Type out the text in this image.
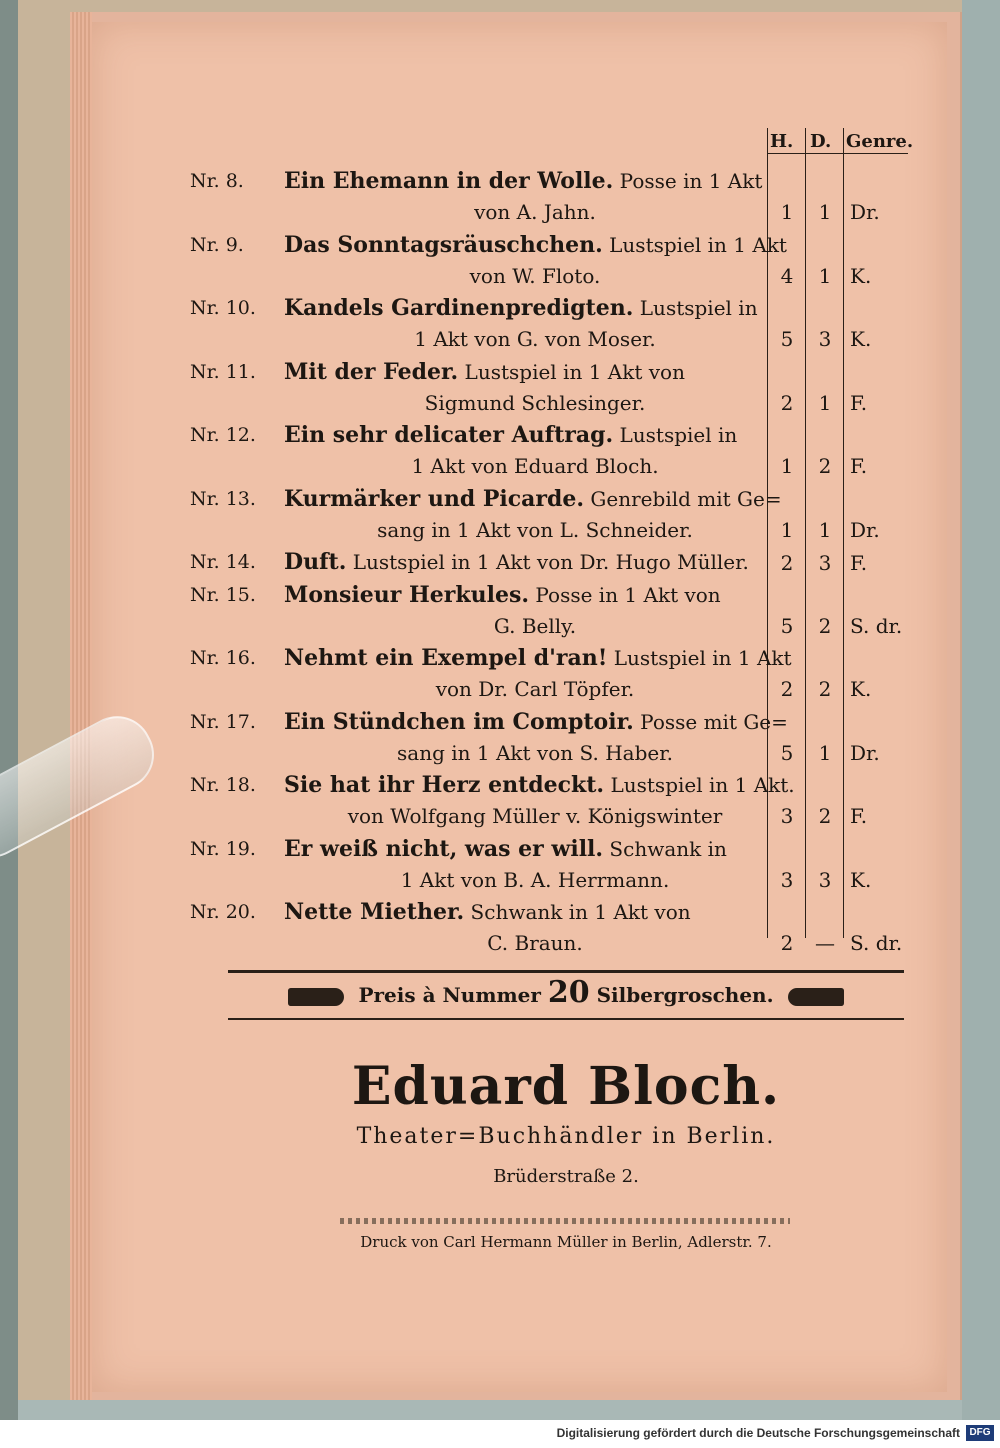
H. D. Genre.
Nr. 8.	Ein Ehemann in der Wolle. Posse in 1 Akt
von A. Jahn.	1	1 Dr.
Nr. 9.	Das Sonntagsräuschchen. Lustspiel in 1 Akt
von W. Floto.	4	1 K.
Nr. 10.	Kandels Gardinenpredigten. Lustspiel in
1 Akt von G. von Moser.	5	3 K.
Nr. 11.	Mit der Feder. Lustspiel in 1 Akt von
Sigmund Schlesinger.	2	1 F.
Nr. 12.	Ein sehr delicater Auftrag. Lustspiel in
1 Akt von Eduard Bloch.	1	2 F.
Nr. 13.	Kurmärker und Picarde. Genrebild mit Ge=
sang in 1 Akt von L. Schneider.	1	1 Dr.
Nr. 14.	Duft. Lustspiel in 1 Akt von Dr. Hugo Müller.	2	3 F.
Nr. 15.	Monsieur Herkules. Posse in 1 Akt von
G. Belly.	5	2 S. dr.
Nr. 16.	Nehmt ein Exempel d'ran! Lustspiel in 1 Akt
von Dr. Carl Töpfer.	2	2 K.
Nr. 17.	Ein Stündchen im Comptoir. Posse mit Ge=
sang in 1 Akt von S. Haber.	5	1 Dr.
Nr. 18.	Sie hat ihr Herz entdeckt. Lustspiel in 1 Akt.
von Wolfgang Müller v. Königswinter	3	2 F.
Nr. 19.	Er weiß nicht, was er will. Schwank in
1 Akt von B. A. Herrmann.	3	3 K.
Nr. 20.	Nette Miether. Schwank in 1 Akt von
C. Braun.	2	— S. dr.
Preis à Nummer 20 Silbergroschen.
Eduard Bloch.
Theater=Buchhändler in Berlin.
Brüderstraße 2.
Druck von Carl Hermann Müller in Berlin, Adlerstr. 7.
Digitalisierung gefördert durch die Deutsche Forschungsgemeinschaft DFG
